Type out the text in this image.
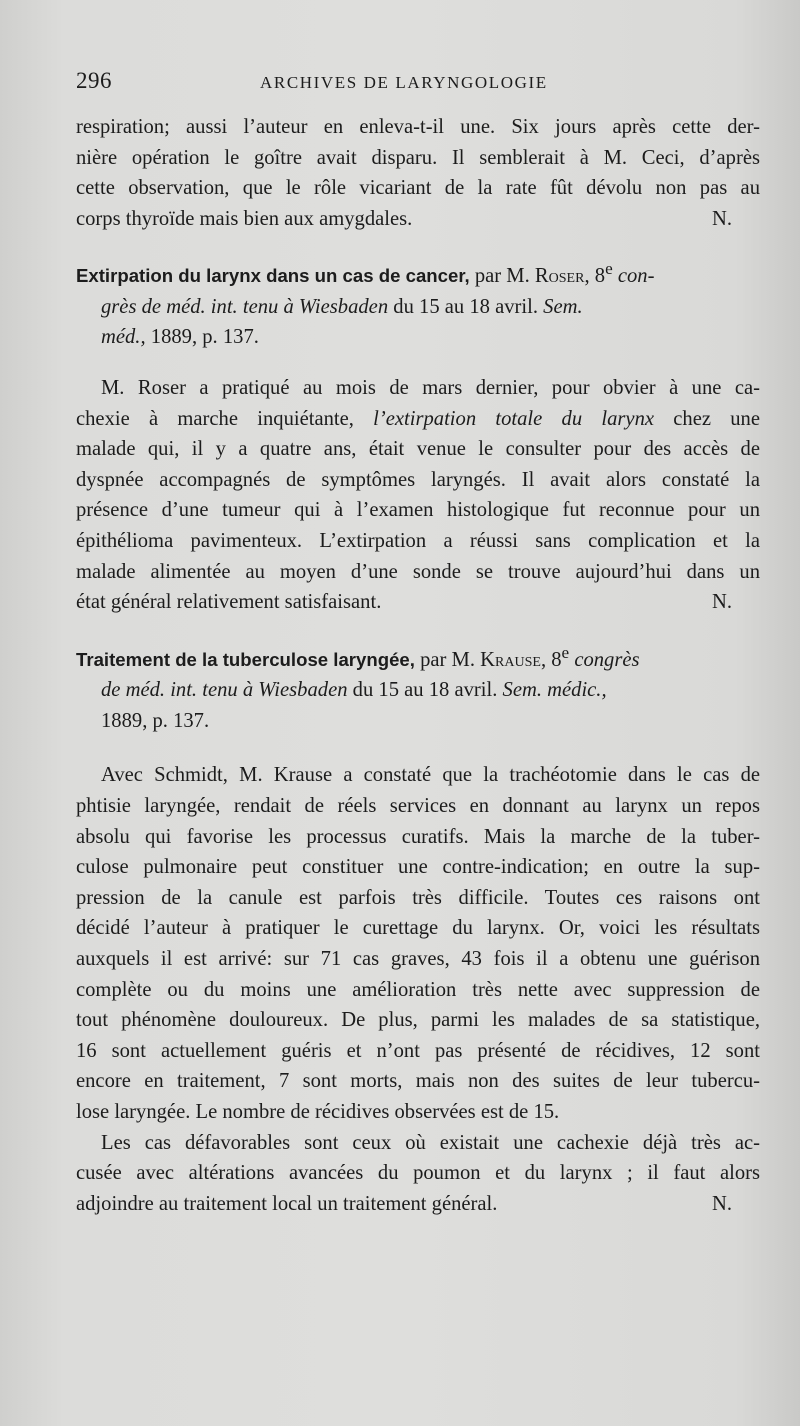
296	ARCHIVES DE LARYNGOLOGIE
respiration; aussi l’auteur en enleva-t-il une. Six jours après cette der-
nière opération le goître avait disparu. Il semblerait à M. Ceci, d’après
cette observation, que le rôle vicariant de la rate fût dévolu non pas au
corps thyroïde mais bien aux amygdales.	N.
Extirpation du larynx dans un cas de cancer, par M. Roser, 8e con-
grès de méd. int. tenu à Wiesbaden du 15 au 18 avril. Sem.
méd., 1889, p. 137.
M. Roser a pratiqué au mois de mars dernier, pour obvier à une ca-
chexie à marche inquiétante, l’extirpation totale du larynx chez une
malade qui, il y a quatre ans, était venue le consulter pour des accès de
dyspnée accompagnés de symptômes laryngés. Il avait alors constaté la
présence d’une tumeur qui à l’examen histologique fut reconnue pour un
épithélioma pavimenteux. L’extirpation a réussi sans complication et la
malade alimentée au moyen d’une sonde se trouve aujourd’hui dans un
état général relativement satisfaisant.	N.
Traitement de la tuberculose laryngée, par M. Krause, 8e congrès
de méd. int. tenu à Wiesbaden du 15 au 18 avril. Sem. médic.,
1889, p. 137.
Avec Schmidt, M. Krause a constaté que la trachéotomie dans le cas de
phtisie laryngée, rendait de réels services en donnant au larynx un repos
absolu qui favorise les processus curatifs. Mais la marche de la tuber-
culose pulmonaire peut constituer une contre-indication; en outre la sup-
pression de la canule est parfois très difficile. Toutes ces raisons ont
décidé l’auteur à pratiquer le curettage du larynx. Or, voici les résultats
auxquels il est arrivé: sur 71 cas graves, 43 fois il a obtenu une guérison
complète ou du moins une amélioration très nette avec suppression de
tout phénomène douloureux. De plus, parmi les malades de sa statistique,
16 sont actuellement guéris et n’ont pas présenté de récidives, 12 sont
encore en traitement, 7 sont morts, mais non des suites de leur tubercu-
lose laryngée. Le nombre de récidives observées est de 15.
Les cas défavorables sont ceux où existait une cachexie déjà très ac-
cusée avec altérations avancées du poumon et du larynx ; il faut alors
adjoindre au traitement local un traitement général.	N.
